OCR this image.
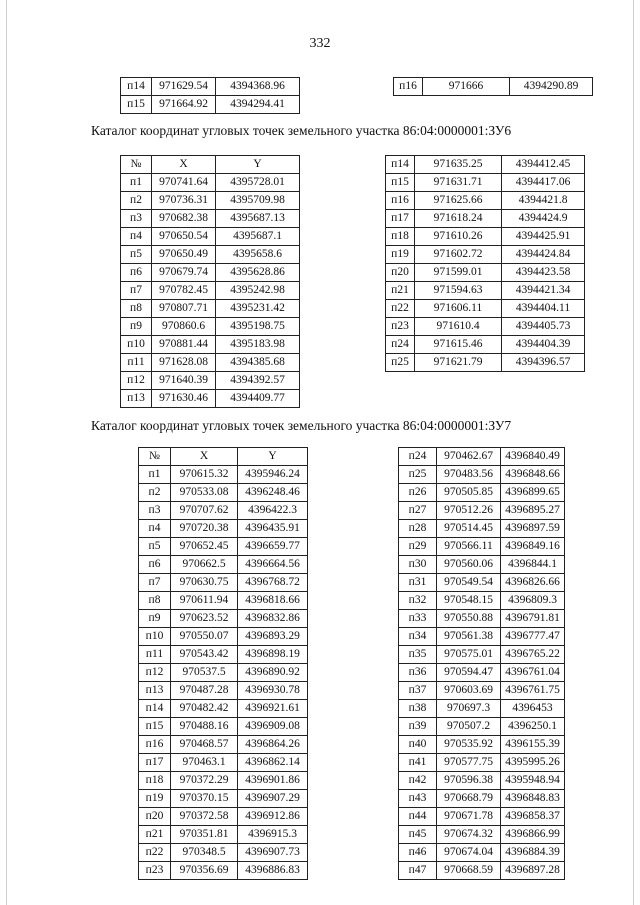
332
п14	971629.54	4394368.96
п15	971664.92	4394294.41
п16	971666	4394290.89
Каталог координат угловых точек земельного участка 86:04:0000001:ЗУ6
№	X	Y
п1	970741.64	4395728.01
п2	970736.31	4395709.98
п3	970682.38	4395687.13
п4	970650.54	4395687.1
п5	970650.49	4395658.6
п6	970679.74	4395628.86
п7	970782.45	4395242.98
п8	970807.71	4395231.42
п9	970860.6	4395198.75
п10	970881.44	4395183.98
п11	971628.08	4394385.68
п12	971640.39	4394392.57
п13	971630.46	4394409.77
п14	971635.25	4394412.45
п15	971631.71	4394417.06
п16	971625.66	4394421.8
п17	971618.24	4394424.9
п18	971610.26	4394425.91
п19	971602.72	4394424.84
п20	971599.01	4394423.58
п21	971594.63	4394421.34
п22	971606.11	4394404.11
п23	971610.4	4394405.73
п24	971615.46	4394404.39
п25	971621.79	4394396.57
Каталог координат угловых точек земельного участка 86:04:0000001:ЗУ7
№	X	Y
п1	970615.32	4395946.24
п2	970533.08	4396248.46
п3	970707.62	4396422.3
п4	970720.38	4396435.91
п5	970652.45	4396659.77
п6	970662.5	4396664.56
п7	970630.75	4396768.72
п8	970611.94	4396818.66
п9	970623.52	4396832.86
п10	970550.07	4396893.29
п11	970543.42	4396898.19
п12	970537.5	4396890.92
п13	970487.28	4396930.78
п14	970482.42	4396921.61
п15	970488.16	4396909.08
п16	970468.57	4396864.26
п17	970463.1	4396862.14
п18	970372.29	4396901.86
п19	970370.15	4396907.29
п20	970372.58	4396912.86
п21	970351.81	4396915.3
п22	970348.5	4396907.73
п23	970356.69	4396886.83
п24	970462.67	4396840.49
п25	970483.56	4396848.66
п26	970505.85	4396899.65
п27	970512.26	4396895.27
п28	970514.45	4396897.59
п29	970566.11	4396849.16
п30	970560.06	4396844.1
п31	970549.54	4396826.66
п32	970548.15	4396809.3
п33	970550.88	4396791.81
п34	970561.38	4396777.47
п35	970575.01	4396765.22
п36	970594.47	4396761.04
п37	970603.69	4396761.75
п38	970697.3	4396453
п39	970507.2	4396250.1
п40	970535.92	4396155.39
п41	970577.75	4395995.26
п42	970596.38	4395948.94
п43	970668.79	4396848.83
п44	970671.78	4396858.37
п45	970674.32	4396866.99
п46	970674.04	4396884.39
п47	970668.59	4396897.28
